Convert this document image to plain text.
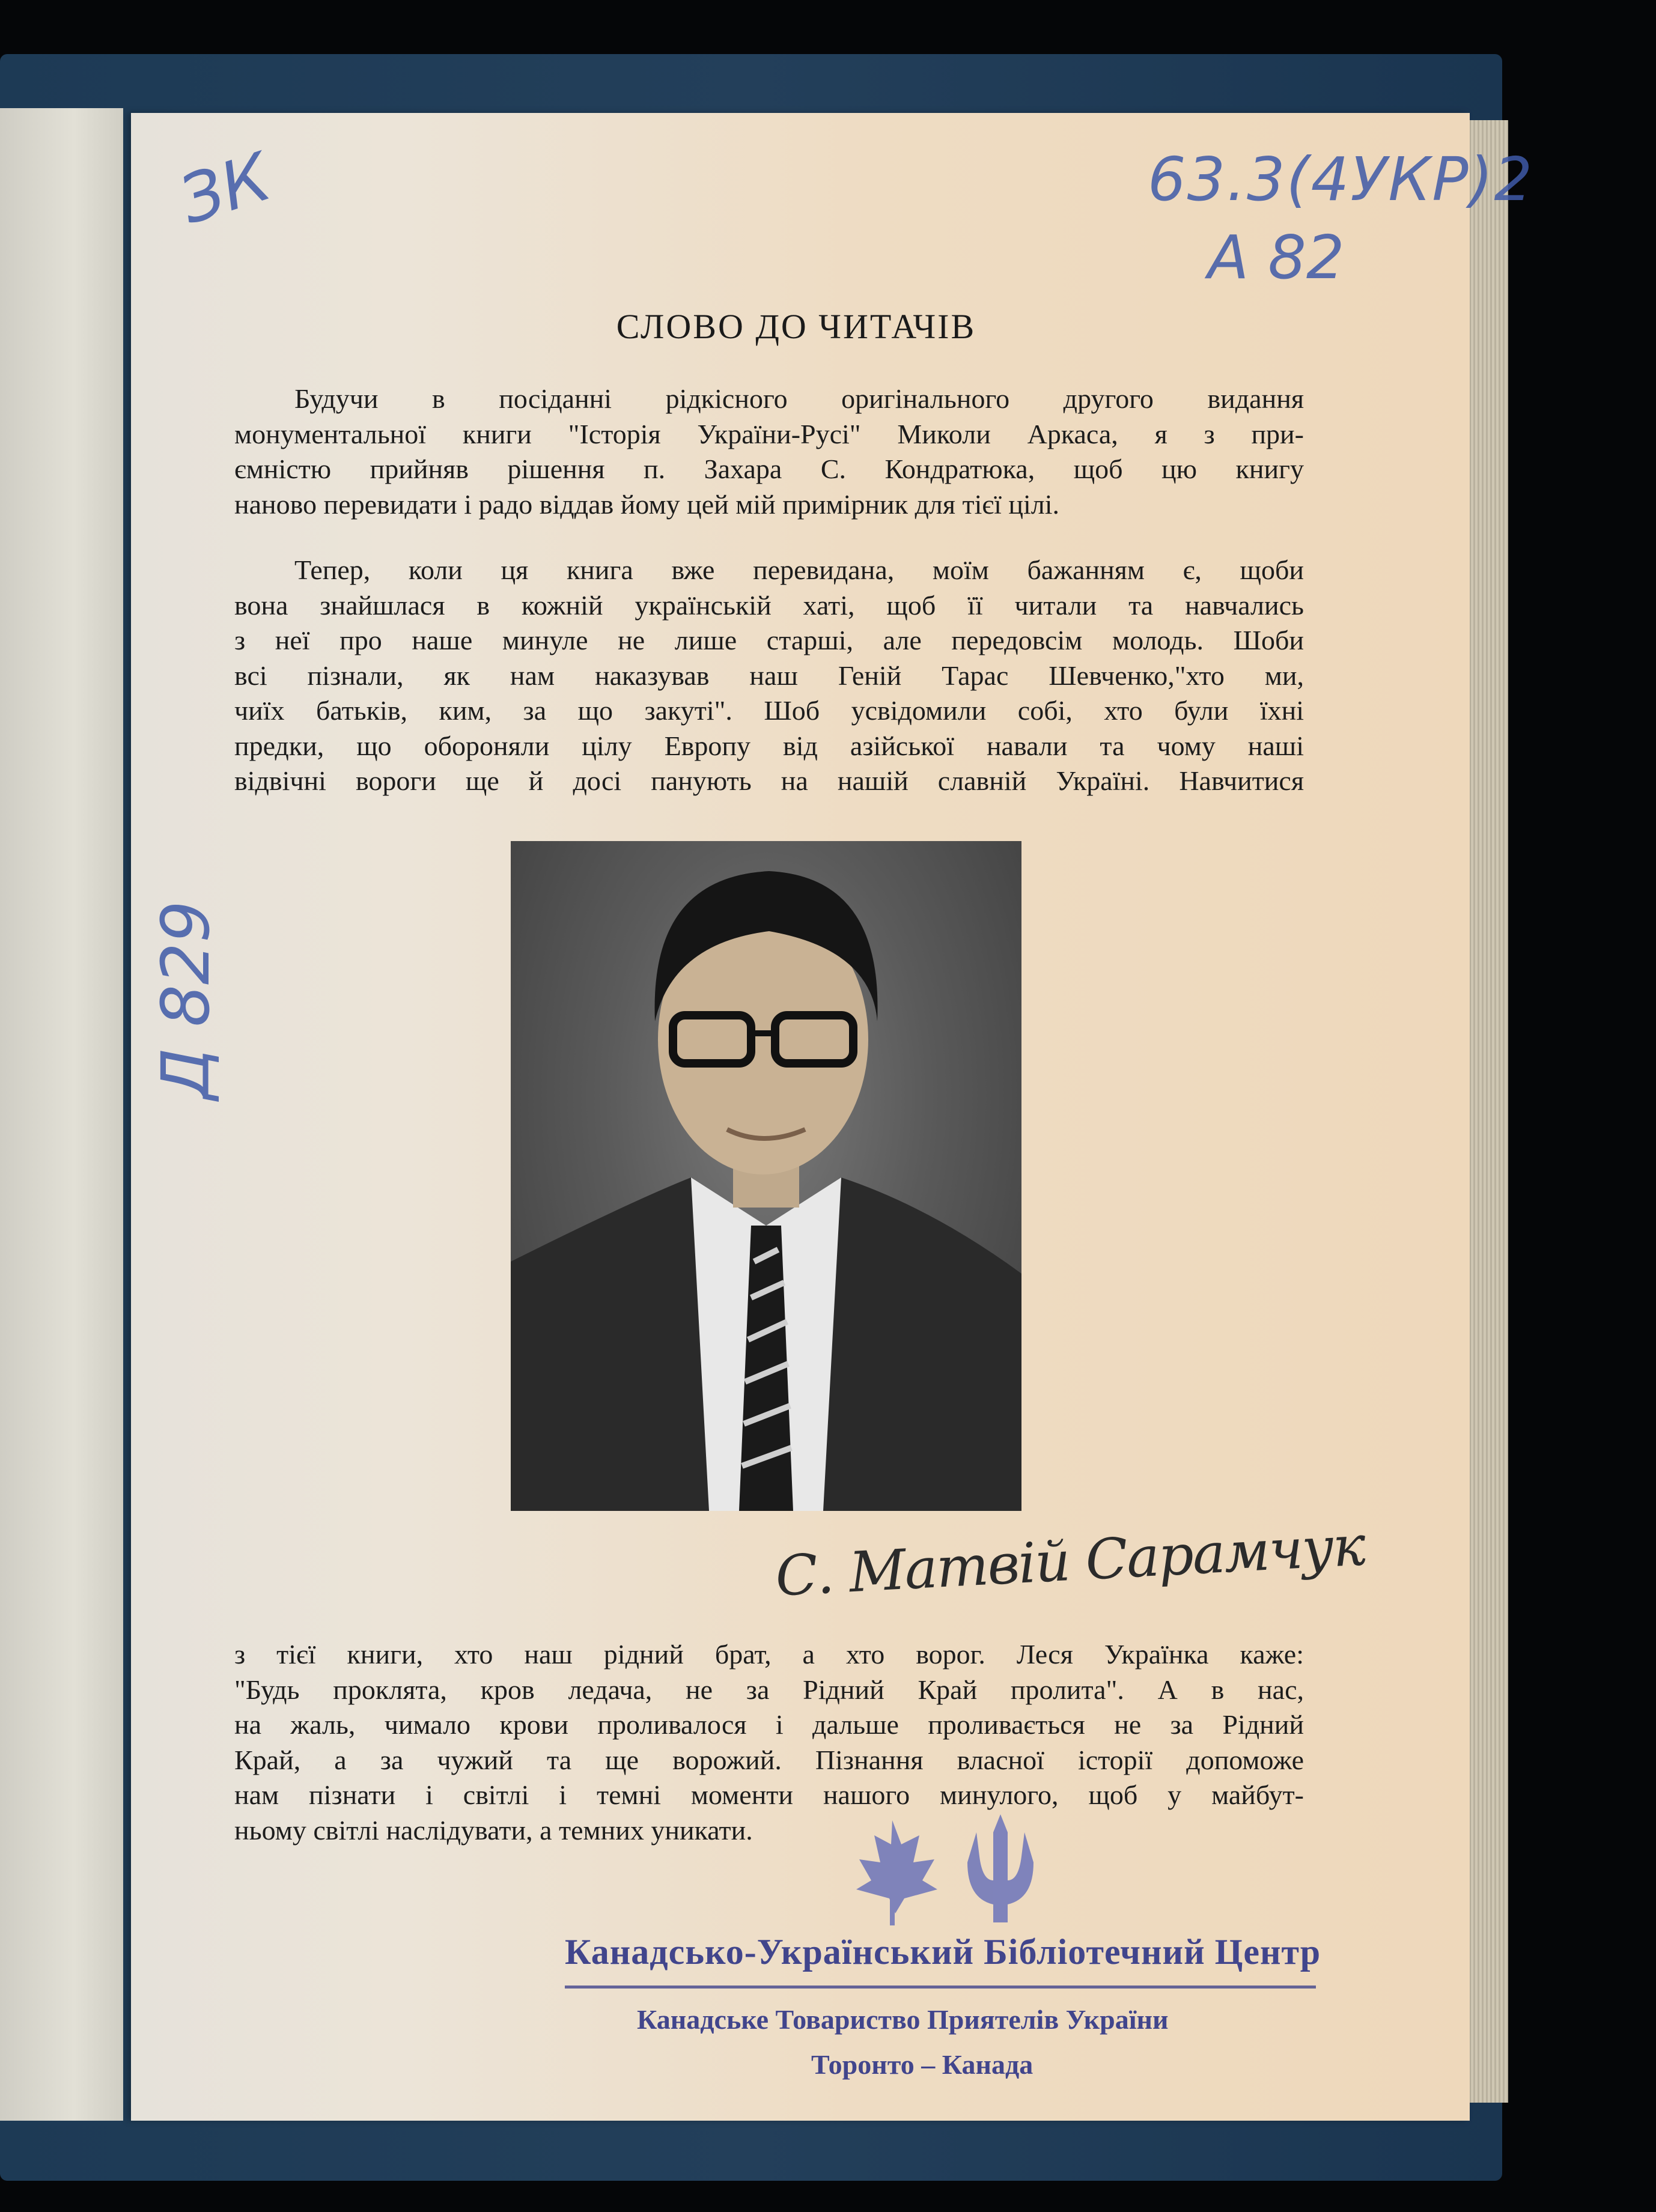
ЗК	63.3(4УКР)2
А 82
Д 829
СЛОВО ДО ЧИТАЧІВ
Будучи в посіданні рідкісного оригінального другого видання
монументальної книги "Історія України-Русі" Миколи Аркаса, я з при-
ємністю прийняв рішення п. Захара С. Кондратюка, щоб цю книгу
наново перевидати і радо віддав йому цей мій примірник для тієї цілі.
Тепер, коли ця книга вже перевидана, моїм бажанням є, щоби
вона знайшлася в кожній українській хаті, щоб її читали та навчались
з неї про наше минуле не лише старші, але передовсім молодь. Шоби
всі пізнали, як нам наказував наш Геній Тарас Шевченко,"хто ми,
чиїх батьків, ким, за що закуті". Шоб усвідомили собі, хто були їхні
предки, що обороняли цілу Европу від азійської навали та чому наші
відвічні вороги ще й досі панують на нашій славній Україні. Навчитися
С. Матвій Сарамчук
з тієї книги, хто наш рідний брат, а хто ворог. Леся Українка каже:
"Будь проклята, кров ледача, не за Рідний Край пролита". А в нас,
на жаль, чимало крови проливалося і дальше проливається не за Рідний
Край, а за чужий та ще ворожий. Пізнання власної історії допоможе
нам пізнати і світлі і темні моменти нашого минулого, щоб у майбут-
ньому світлі наслідувати, а темних уникати.
Канадсько-Український Бібліотечний Центр
Канадське Товариство Приятелів України
Торонто – Канада
